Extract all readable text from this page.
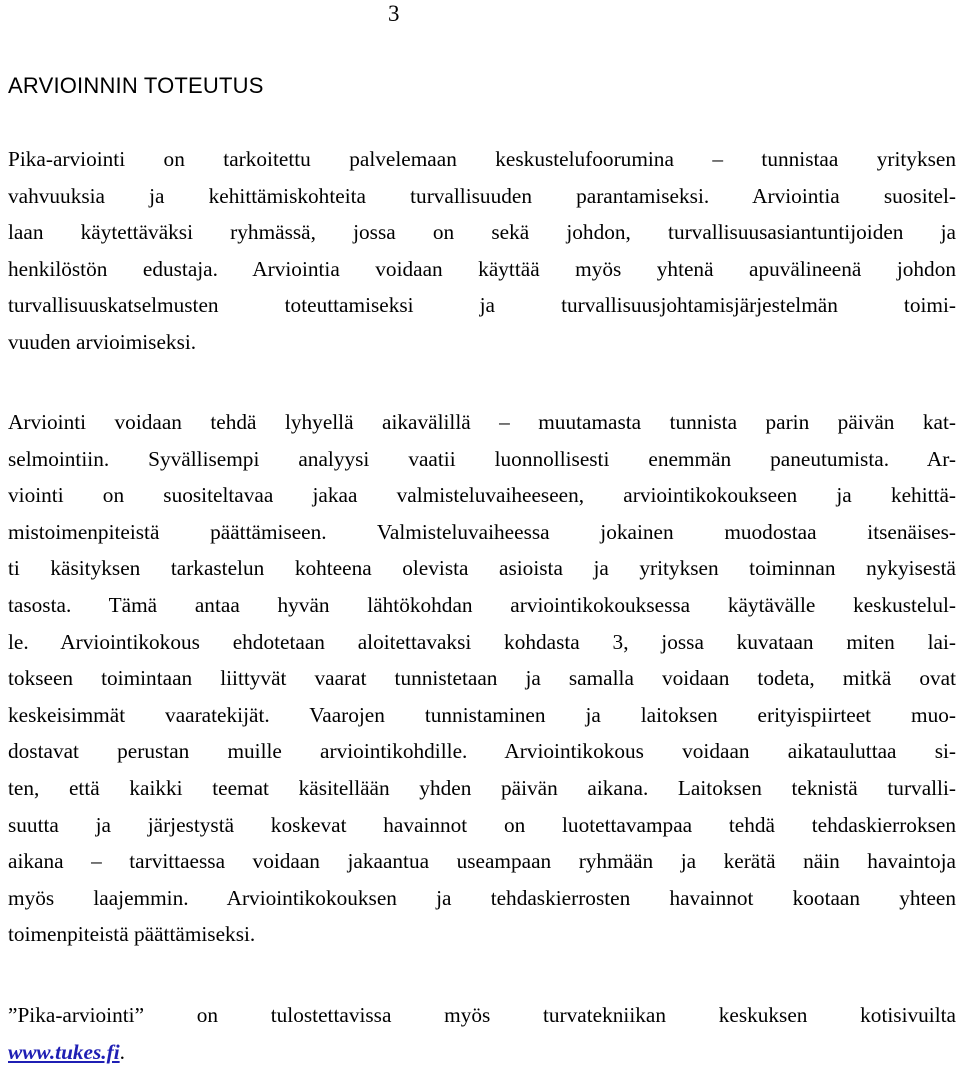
3
ARVIOINNIN TOTEUTUS
Pika-arviointi on tarkoitettu palvelemaan keskustelufoorumina – tunnistaa yrityksen
vahvuuksia ja kehittämiskohteita turvallisuuden parantamiseksi. Arviointia suositel-
laan käytettäväksi ryhmässä, jossa on sekä johdon, turvallisuusasiantuntijoiden ja
henkilöstön edustaja. Arviointia voidaan käyttää myös yhtenä apuvälineenä johdon
turvallisuuskatselmusten toteuttamiseksi ja turvallisuusjohtamisjärjestelmän toimi-
vuuden arvioimiseksi.
Arviointi voidaan tehdä lyhyellä aikavälillä – muutamasta tunnista parin päivän kat-
selmointiin. Syvällisempi analyysi vaatii luonnollisesti enemmän paneutumista. Ar-
viointi on suositeltavaa jakaa valmisteluvaiheeseen, arviointikokoukseen ja kehittä-
mistoimenpiteistä päättämiseen. Valmisteluvaiheessa jokainen muodostaa itsenäises-
ti käsityksen tarkastelun kohteena olevista asioista ja yrityksen toiminnan nykyisestä
tasosta. Tämä antaa hyvän lähtökohdan arviointikokouksessa käytävälle keskustelul-
le. Arviointikokous ehdotetaan aloitettavaksi kohdasta 3, jossa kuvataan miten lai-
tokseen toimintaan liittyvät vaarat tunnistetaan ja samalla voidaan todeta, mitkä ovat
keskeisimmät vaaratekijät. Vaarojen tunnistaminen ja laitoksen erityispiirteet muo-
dostavat perustan muille arviointikohdille. Arviointikokous voidaan aikatauluttaa si-
ten, että kaikki teemat käsitellään yhden päivän aikana. Laitoksen teknistä turvalli-
suutta ja järjestystä koskevat havainnot on luotettavampaa tehdä tehdaskierroksen
aikana – tarvittaessa voidaan jakaantua useampaan ryhmään ja kerätä näin havaintoja
myös laajemmin. Arviointikokouksen ja tehdaskierrosten havainnot kootaan yhteen
toimenpiteistä päättämiseksi.
”Pika-arviointi” on tulostettavissa myös turvatekniikan keskuksen kotisivuilta
www.tukes.fi.
